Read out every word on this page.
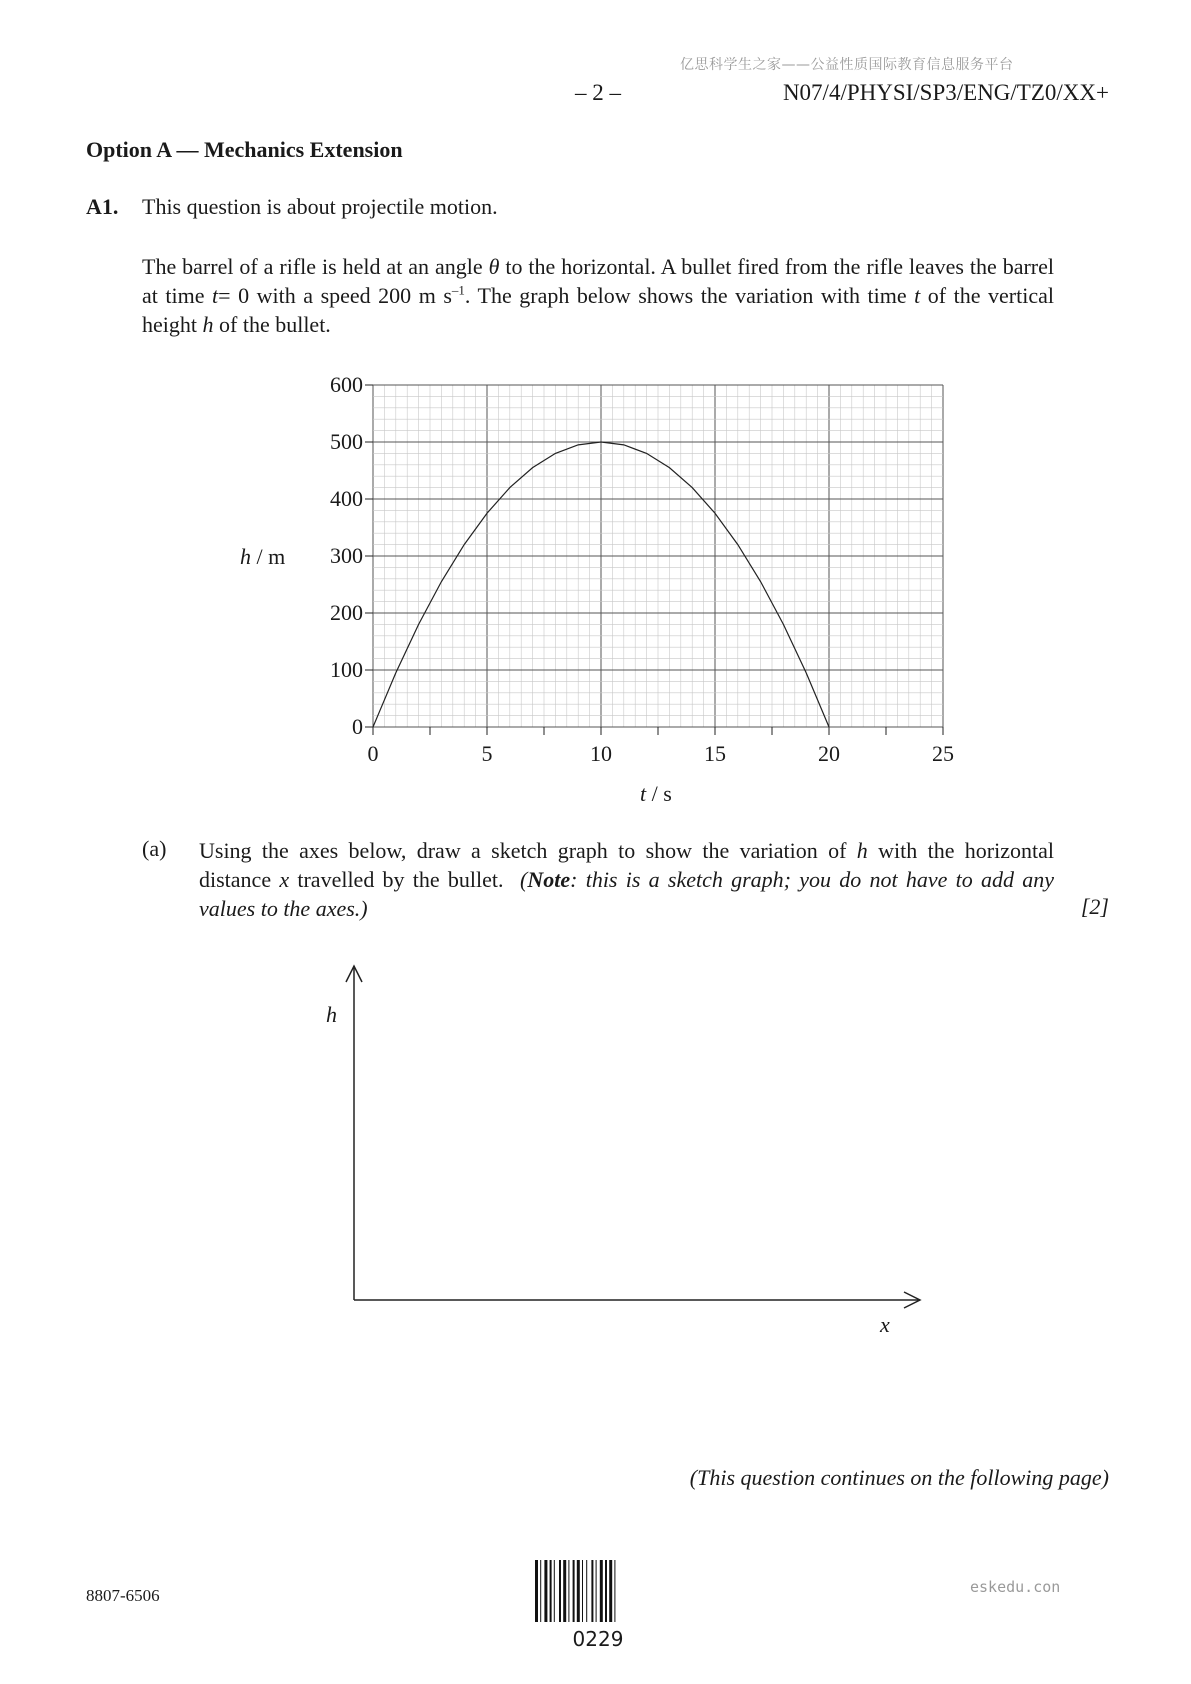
亿思科学生之家——公益性质国际教育信息服务平台
– 2 –	N07/4/PHYSI/SP3/ENG/TZ0/XX+
Option A — Mechanics Extension
A1. This question is about projectile motion.
The barrel of a rifle is held at an angle θ to the horizontal. A bullet fired from the rifle leaves the barrel at time t= 0 with a speed 200 m $s^{-1}$. The graph below shows the variation with time t of the vertical height h of the bullet.
0
100
200
300
400
500
600
0	5	10	15	20	25
h / m
t / s
(a) Using the axes below, draw a sketch graph to show the variation of h with the horizontal distance x travelled by the bullet. (Note: this is a sketch graph; you do not have to add any values to the axes.)	[2]
h
x
(This question continues on the following page)
8807-6506
0229
eskedu.con
